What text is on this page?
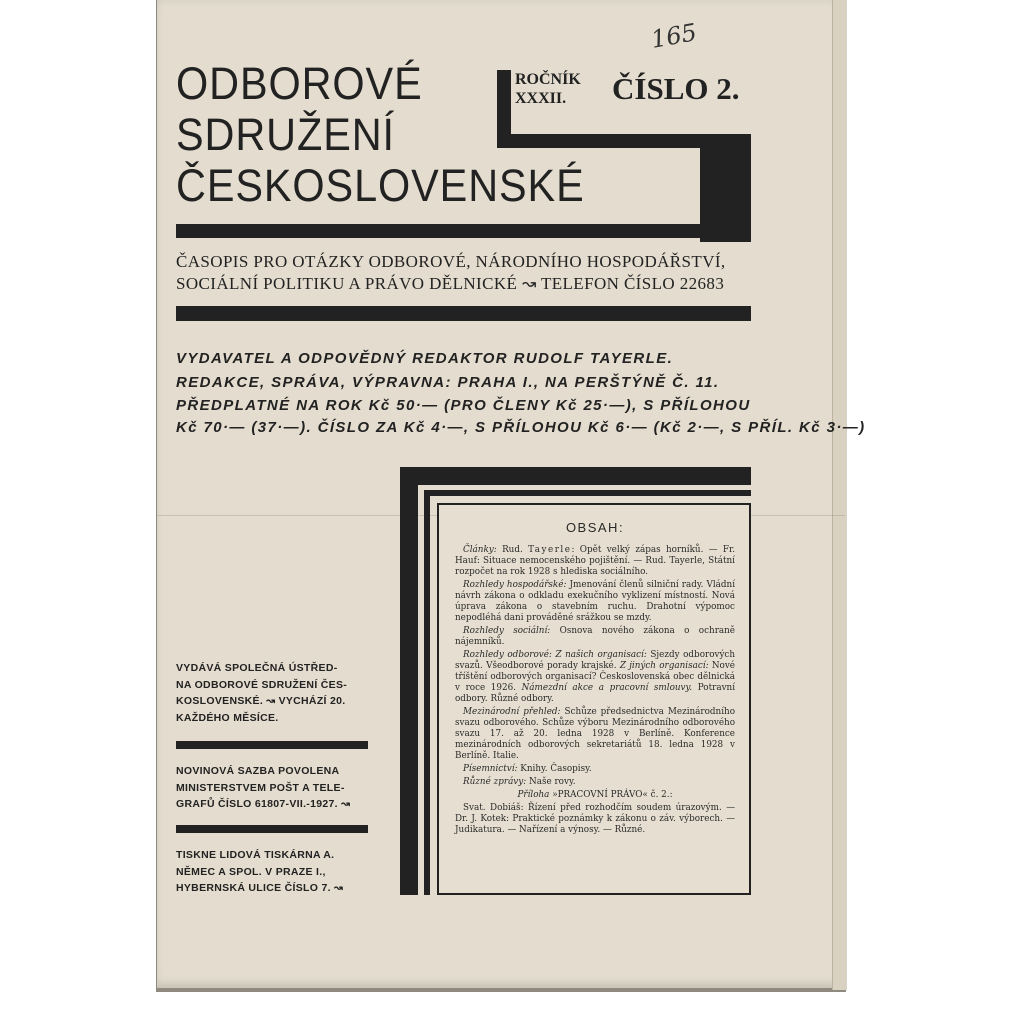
165
ODBOROVÉ
SDRUŽENÍ
ČESKOSLOVENSKÉ
ROČNÍK
XXXII.	ČÍSLO 2.
ČASOPIS PRO OTÁZKY ODBOROVÉ, NÁRODNÍHO HOSPODÁŘSTVÍ,
SOCIÁLNÍ POLITIKU A PRÁVO DĚLNICKÉ ↝ TELEFON ČÍSLO 22683
VYDAVATEL A ODPOVĚDNÝ REDAKTOR RUDOLF TAYERLE.
REDAKCE, SPRÁVA, VÝPRAVNA: PRAHA I., NA PERŠTÝNĚ Č. 11.
PŘEDPLATNÉ NA ROK Kč 50·— (PRO ČLENY Kč 25·—), S PŘÍLOHOU
Kč 70·— (37·—). ČÍSLO ZA Kč 4·—, S PŘÍLOHOU Kč 6·— (Kč 2·—, S PŘÍL. Kč 3·—)
VYDÁVÁ SPOLEČNÁ ÚSTŘED-
NA ODBOROVÉ SDRUŽENÍ ČES-
KOSLOVENSKÉ. ↝ VYCHÁZÍ 20.
KAŽDÉHO MĚSÍCE.
NOVINOVÁ SAZBA POVOLENA
MINISTERSTVEM POŠT A TELE-
GRAFŮ ČÍSLO 61807-VII.-1927. ↝
TISKNE LIDOVÁ TISKÁRNA A.
NĚMEC A SPOL. V PRAZE I.,
HYBERNSKÁ ULICE ČÍSLO 7. ↝
OBSAH:

Články: Rud. Tayerle: Opět velký zápas horníků. — Fr. Hauf: Situace nemocenského pojištění. — Rud. Tayerle, Státní rozpočet na rok 1928 s hlediska sociálního.

Rozhledy hospodářské: Jmenování členů silniční rady. Vládní návrh zákona o odkladu exekučního vyklizení místností. Nová úprava zákona o stavebním ruchu. Drahotní výpomoc nepodléhá dani prováděné srážkou se mzdy.

Rozhledy sociální: Osnova nového zákona o ochraně nájemníků.

Rozhledy odborové: Z našich organisací: Sjezdy odborových svazů. Všeodborové porady krajské. Z jiných organisací: Nové tříštění odborových organisací? Československá obec dělnická v roce 1926. Námezdní akce a pracovní smlouvy. Potravní odbory. Různé odbory.

Mezinárodní přehled: Schůze předsednictva Mezinárodního svazu odborového. Schůze výboru Mezinárodního odborového svazu 17. až 20. ledna 1928 v Berlíně. Konference mezinárodních odborových sekretariátů 18. ledna 1928 v Berlíně. Italie.

Písemnictví: Knihy. Časopisy.

Různé zprávy: Naše rovy.

Příloha »PRACOVNÍ PRÁVO« č. 2.:

Svat. Dobiáš: Řízení před rozhodčím soudem úrazovým. — Dr. J. Kotek: Praktické poznámky k zákonu o záv. výborech. — Judikatura. — Nařízení a výnosy. — Různé.
